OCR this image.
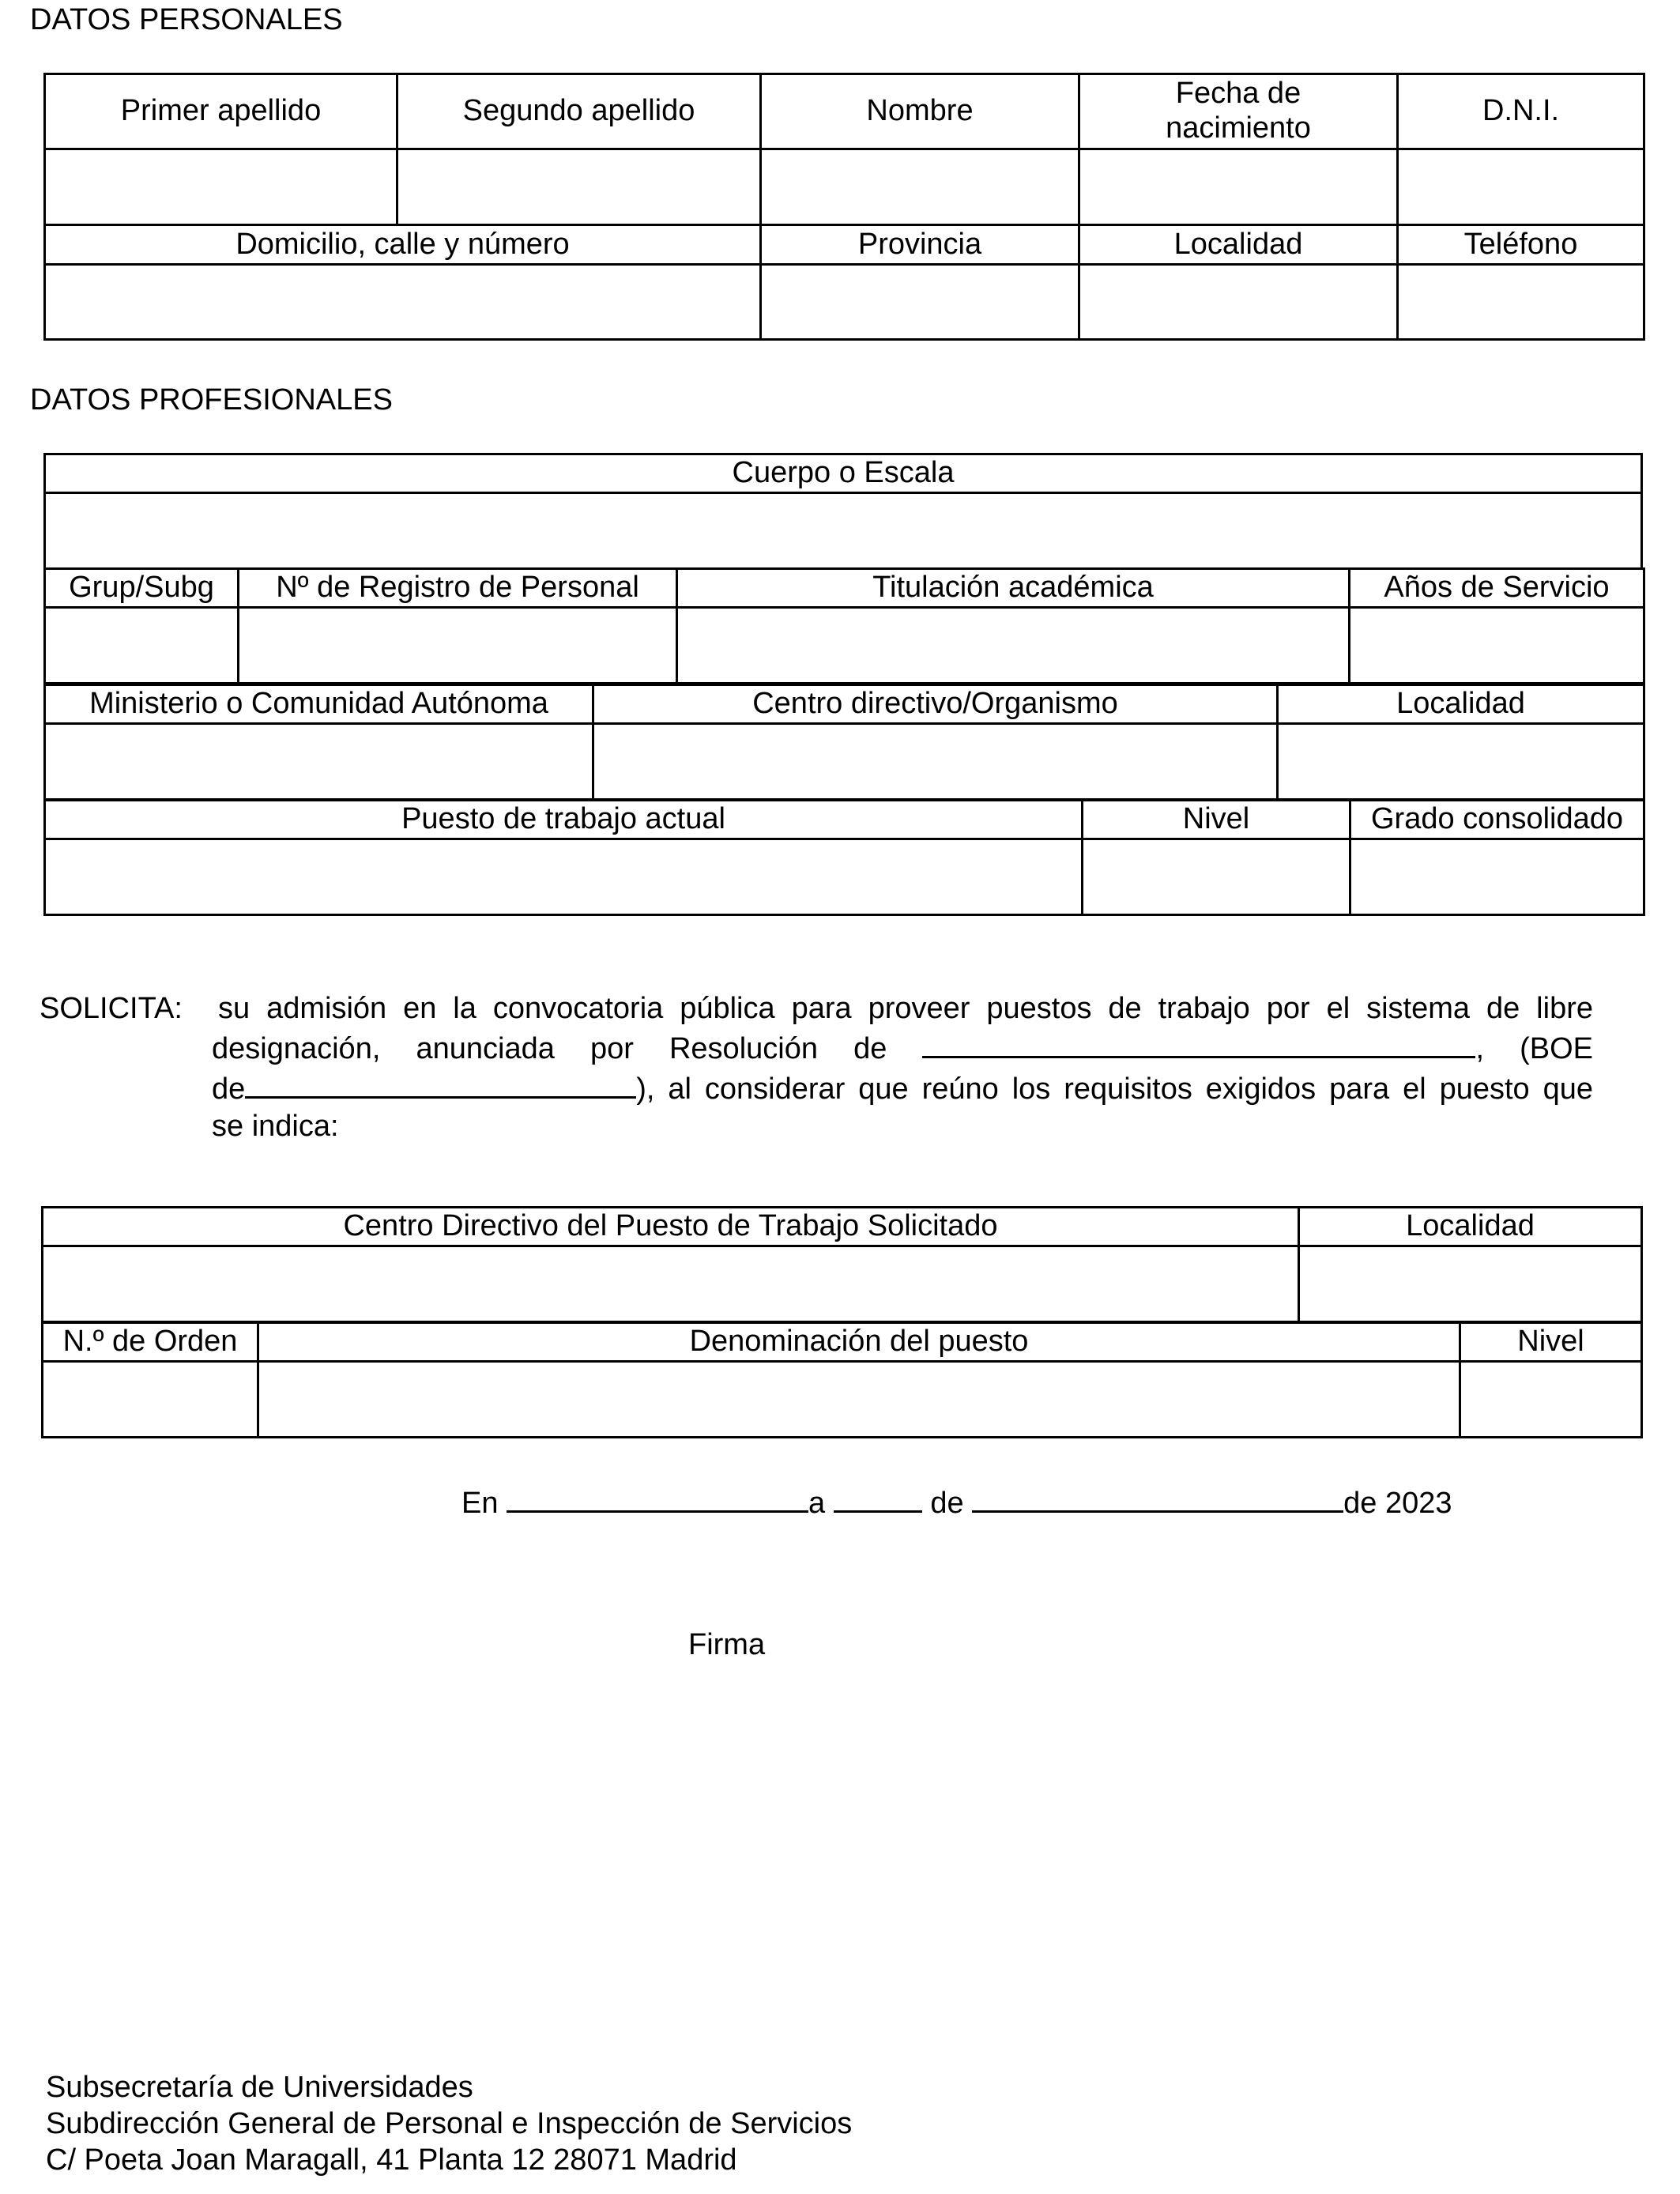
DATOS PERSONALES
Primer apellido	Segundo apellido	Nombre	Fecha de nacimiento	D.N.I.

Domicilio, calle y número		Provincia	Localidad	Teléfono

DATOS PROFESIONALES
Cuerpo o Escala

Grup/Subg	Nº de Registro de Personal	Titulación académica	Años de Servicio

Ministerio o Comunidad Autónoma	Centro directivo/Organismo	Localidad

Puesto de trabajo actual	Nivel	Grado consolidado

SOLICITA: su admisión en la convocatoria pública para proveer puestos de trabajo por el sistema de libre
designación, anunciada por Resolución de	, (BOE
de	), al considerar que reúno los requisitos exigidos para el puesto que
se indica:
Centro Directivo del Puesto de Trabajo Solicitado	Localidad

N.º de Orden	Denominación del puesto	Nivel

En	a	de	de 2023
Firma
Subsecretaría de Universidades
Subdirección General de Personal e Inspección de Servicios
C/ Poeta Joan Maragall, 41 Planta 12 28071 Madrid
